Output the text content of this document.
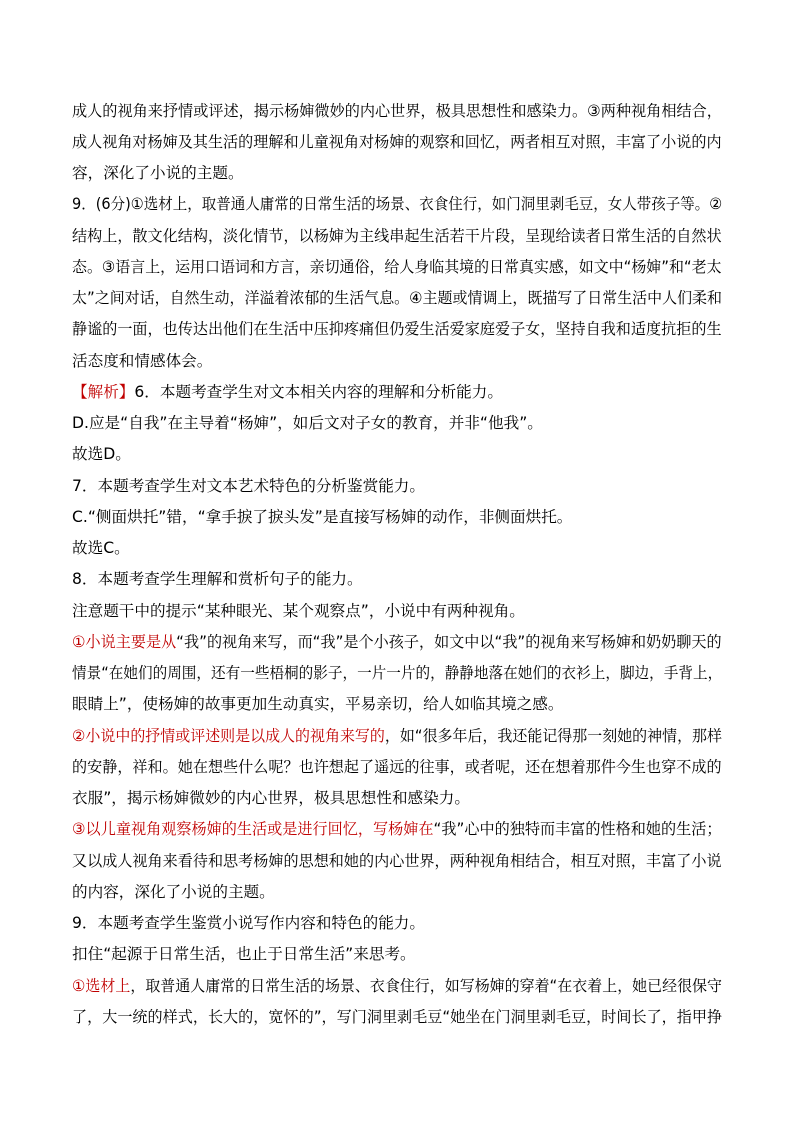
成人的视角来抒情或评述，揭示杨婶微妙的内心世界，极具思想性和感染力。③两种视角相结合，
成人视角对杨婶及其生活的理解和儿童视角对杨婶的观察和回忆，两者相互对照，丰富了小说的内
容，深化了小说的主题。
9．(6分)①选材上，取普通人庸常的日常生活的场景、衣食住行，如门洞里剥毛豆，女人带孩子等。②
结构上，散文化结构，淡化情节，以杨婶为主线串起生活若干片段，呈现给读者日常生活的自然状
态。③语言上，运用口语词和方言，亲切通俗，给人身临其境的日常真实感，如文中“杨婶”和“老太
太”之间对话，自然生动，洋溢着浓郁的生活气息。④主题或情调上，既描写了日常生活中人们柔和
静谧的一面，也传达出他们在生活中压抑疼痛但仍爱生活爱家庭爱子女，坚持自我和适度抗拒的生
活态度和情感体会。
【解析】6．本题考查学生对文本相关内容的理解和分析能力。
D.应是“自我”在主导着“杨婶”，如后文对子女的教育，并非“他我”。
故选D。
7．本题考查学生对文本艺术特色的分析鉴赏能力。
C.“侧面烘托”错，“拿手捩了捩头发”是直接写杨婶的动作，非侧面烘托。
故选C。
8．本题考查学生理解和赏析句子的能力。
注意题干中的提示“某种眼光、某个观察点”，小说中有两种视角。
①小说主要是从“我”的视角来写，而“我”是个小孩子，如文中以“我”的视角来写杨婶和奶奶聊天的
情景“在她们的周围，还有一些梧桐的影子，一片一片的，静静地落在她们的衣衫上，脚边，手背上，
眼睛上”，使杨婶的故事更加生动真实，平易亲切，给人如临其境之感。
②小说中的抒情或评述则是以成人的视角来写的，如“很多年后，我还能记得那一刻她的神情，那样
的安静，祥和。她在想些什么呢？也许想起了遥远的往事，或者呢，还在想着那件今生也穿不成的
衣服”，揭示杨婶微妙的内心世界，极具思想性和感染力。
③以儿童视角观察杨婶的生活或是进行回忆，写杨婶在“我”心中的独特而丰富的性格和她的生活；
又以成人视角来看待和思考杨婶的思想和她的内心世界，两种视角相结合，相互对照，丰富了小说
的内容，深化了小说的主题。
9．本题考查学生鉴赏小说写作内容和特色的能力。
扣住“起源于日常生活，也止于日常生活”来思考。
①选材上，取普通人庸常的日常生活的场景、衣食住行，如写杨婶的穿着“在衣着上，她已经很保守
了，大一统的样式，长大的，宽怀的”，写门洞里剥毛豆“她坐在门洞里剥毛豆，时间长了，指甲挣
